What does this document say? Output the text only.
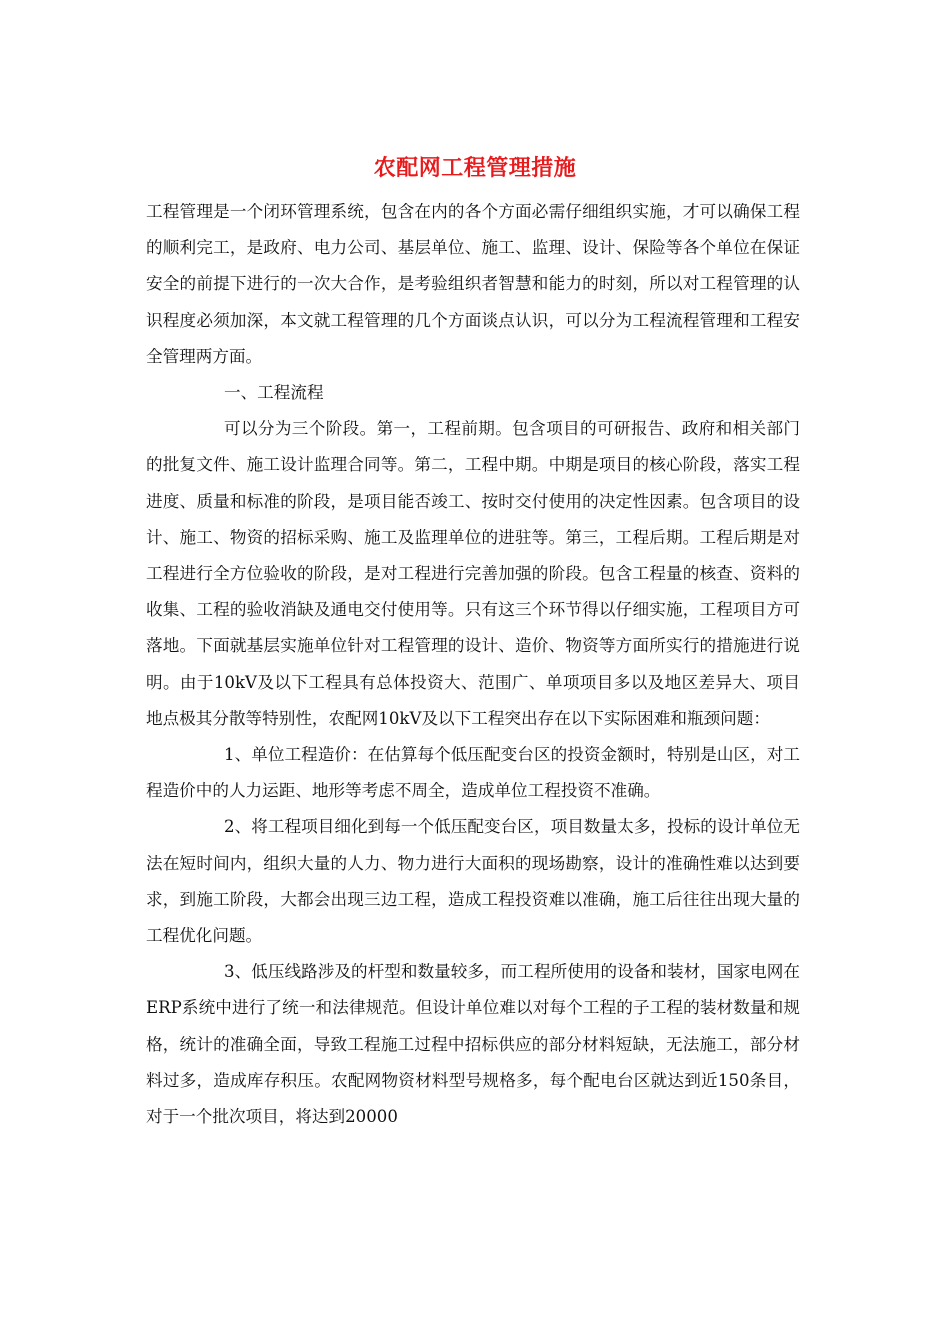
农配网工程管理措施

工程管理是一个闭环管理系统，包含在内的各个方面必需仔细组织实施，才可以确保工程的顺利完工，是政府、电力公司、基层单位、施工、监理、设计、保险等各个单位在保证安全的前提下进行的一次大合作，是考验组织者智慧和能力的时刻，所以对工程管理的认识程度必须加深，本文就工程管理的几个方面谈点认识，可以分为工程流程管理和工程安全管理两方面。

一、工程流程

可以分为三个阶段。第一，工程前期。包含项目的可研报告、政府和相关部门的批复文件、施工设计监理合同等。第二，工程中期。中期是项目的核心阶段，落实工程进度、质量和标准的阶段，是项目能否竣工、按时交付使用的决定性因素。包含项目的设计、施工、物资的招标采购、施工及监理单位的进驻等。第三，工程后期。工程后期是对工程进行全方位验收的阶段，是对工程进行完善加强的阶段。包含工程量的核查、资料的收集、工程的验收消缺及通电交付使用等。只有这三个环节得以仔细实施，工程项目方可落地。下面就基层实施单位针对工程管理的设计、造价、物资等方面所实行的措施进行说明。由于10kV及以下工程具有总体投资大、范围广、单项项目多以及地区差异大、项目地点极其分散等特别性，农配网10kV及以下工程突出存在以下实际困难和瓶颈问题：

1、单位工程造价：在估算每个低压配变台区的投资金额时，特别是山区，对工程造价中的人力运距、地形等考虑不周全，造成单位工程投资不准确。

2、将工程项目细化到每一个低压配变台区，项目数量太多，投标的设计单位无法在短时间内，组织大量的人力、物力进行大面积的现场勘察，设计的准确性难以达到要求，到施工阶段，大都会出现三边工程，造成工程投资难以准确，施工后往往出现大量的工程优化问题。

3、低压线路涉及的杆型和数量较多，而工程所使用的设备和装材，国家电网在ERP系统中进行了统一和法律规范。但设计单位难以对每个工程的子工程的装材数量和规格，统计的准确全面，导致工程施工过程中招标供应的部分材料短缺，无法施工，部分材料过多，造成库存积压。农配网物资材料型号规格多，每个配电台区就达到近150条目，对于一个批次项目，将达到20000
